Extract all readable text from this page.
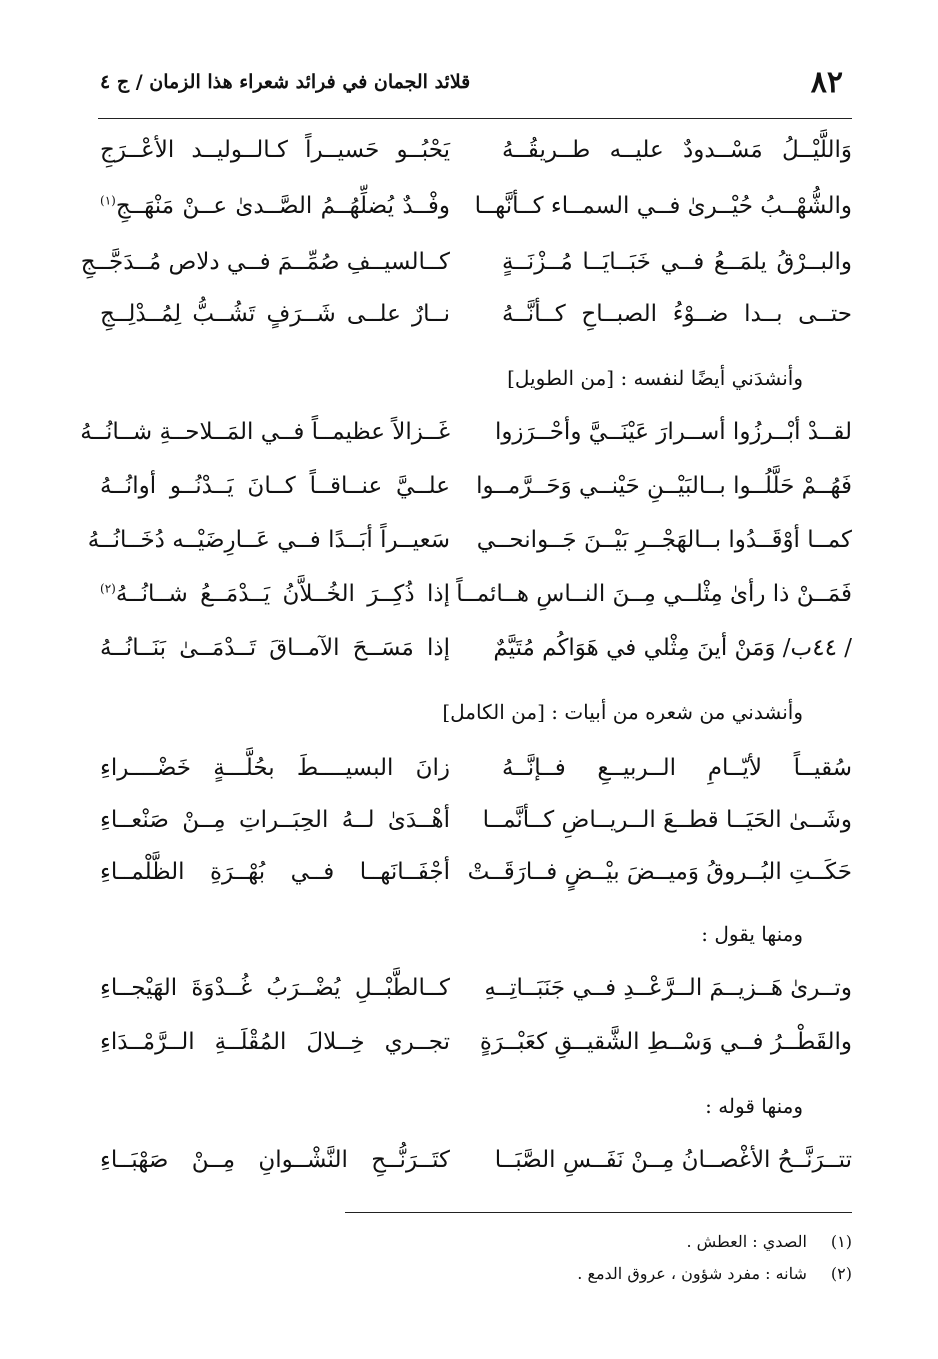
٨٢
قلائد الجمان في فرائد شعراء هذا الزمان / ج ٤
وَاللَّيْــلُ مَسْــدودٌ عليــه طــريقُــهُ
يَحْبُــو حَسيــراً كـالــوليــد الأعْــرَجِ
والشُّهْــبُ حُيْــرىٰ فــي السمــاء كــأنَّهــا
وفْــدٌ يُضلِّهُــمُ الصَّــدىٰ عــنْ مَنْهَــجِ$^{(١)}$
والبــرْقُ يلمَــعُ فــي خَبَــايَــا مُــزْنَــةٍ
كــالسيــفِ صُمِّــمَ فــي دلاص مُــدَجَّــجِ
حتــى بــدا ضــوْءُ الصبــاحِ كــأنَّــهُ
نــارٌ علــى شَــرَفٍ تَشُــبُّ لِمُــدْلِــجِ
وأنشدَني أيضًا لنفسه : [من الطويل]
لقــدْ أبْــرزُوا أســرارَ عَيْنَــيَّ وأحْــرَزوا
غَــزالاً عظيمــاً فــي المَــلاحــةِ شــانُــهُ
فَهُــمْ حَلَّلُــوا بــالبَيْــنِ حَيْنــي وَحَــرَّمــوا
علــيَّ عنــاقــاً كــانَ يَــدْنُــو أوانُــهُ
كمــا أوْقَــدُوا بــالهَجْــرِ بَيْــنَ جَــوانحــي
سَعيــراً أبَــدًا فــي عَــارِضَيْــه دُخَــانُــهُ
فَمَــنْ ذا رأىٰ مِثْلــي مِــنَ النــاسِ هــائمــاً
إذا ذُكِــرَ الخُــلاَّنُ يَــدْمَــعُ شــانُــهُ$^{(٢)}$
/ ٤٤ب/ وَمَنْ أينَ مِثْلي في هَوَاكُم مُتَيَّمٌ
إذا مَسَــحَ الآمــاقَ تَــدْمَــىٰ بَنَــانُــهُ
وأنشدني من شعره من أبيات : [من الكامل]
سُقيــاً لأيّــامِ الــربيــعِ فــإنَّــهُ
زانَ البسيــــطَ بحُلَّـــةٍ خَضْــــراءِ
وشَــىٰ الحَيَــا قطــعَ الــريــاضِ كــأنَّمــا
أهْــدَىٰ لــهُ الحِبَــراتِ مِــنْ صَنْعــاءِ
حَكَــتِ البُــروقُ وَميــضَ بيْــضٍ فــارَقَــتْ
أجْفَــانَهــا فــي بُهْــرَةِ الظَّلْمــاءِ
ومنها يقول :
وتــرىٰ هَــزيــمَ الــرَّعْــدِ فــي جَنَبَــاتِــهِ
كــالطَّبْــلِ يُضْــرَبُ غُــدْوَةَ الهَيْجــاءِ
والقَطْــرُ فــي وَسْــطِ الشَّقيــقِ كعَبْــرَةٍ
تجــري خِــلالَ المُقْلَــةِ الــرَّمْــدَاءِ
ومنها قوله :
تتــرَنَّــحُ الأغْصــانُ مِــنْ نَفَــسِ الصَّبَــا
كتَــرَنُّــحِ النَّشْــوانِ مِــنْ صَهْبَــاءِ
(١) الصدي : العطش .
(٢) شانه : مفرد شؤون ، عروق الدمع .
